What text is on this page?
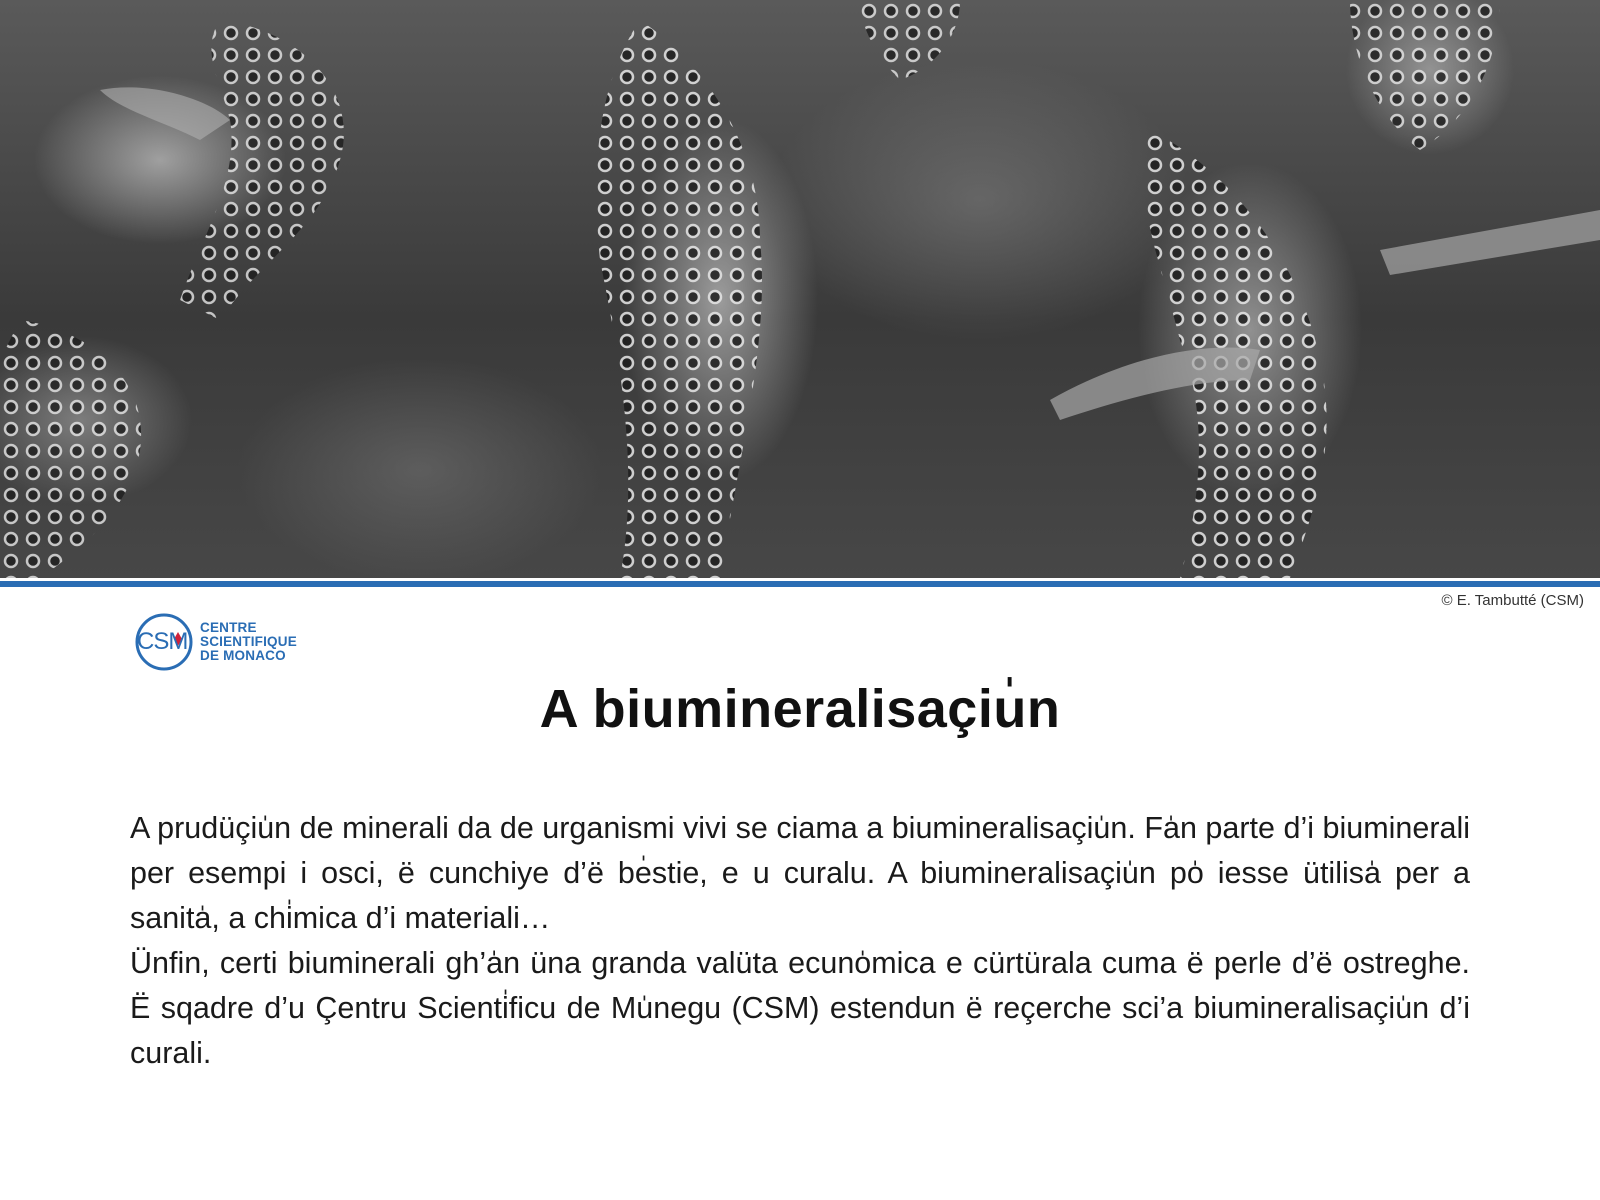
© E. Tambutté (CSM)
CSM
CENTRE
SCIENTIFIQUE
DE MONACO
A biumineralisaçiu̍n

A prudüçiu̍n de minerali da de urganismi vivi se ciama a biumineralisaçiu̍n. Fa̍n parte d’i biuminerali per esempi i osci, ë cunchiye d’ë be̍stie, e u curalu. A biumineralisaçiu̍n po̍ iesse ütilisa̍ per a sanita̍, a chi̍mica d’i materiali…

Ünfin, certi biuminerali gh’a̍n üna granda valüta ecuno̍mica e cürtürala cuma ë perle d’ë ostreghe. Ë sqadre d’u Çentru Scienti̍ficu de Mu̍negu (CSM) estendun ë reçerche sci’a biumineralisaçiu̍n d’i curali.
